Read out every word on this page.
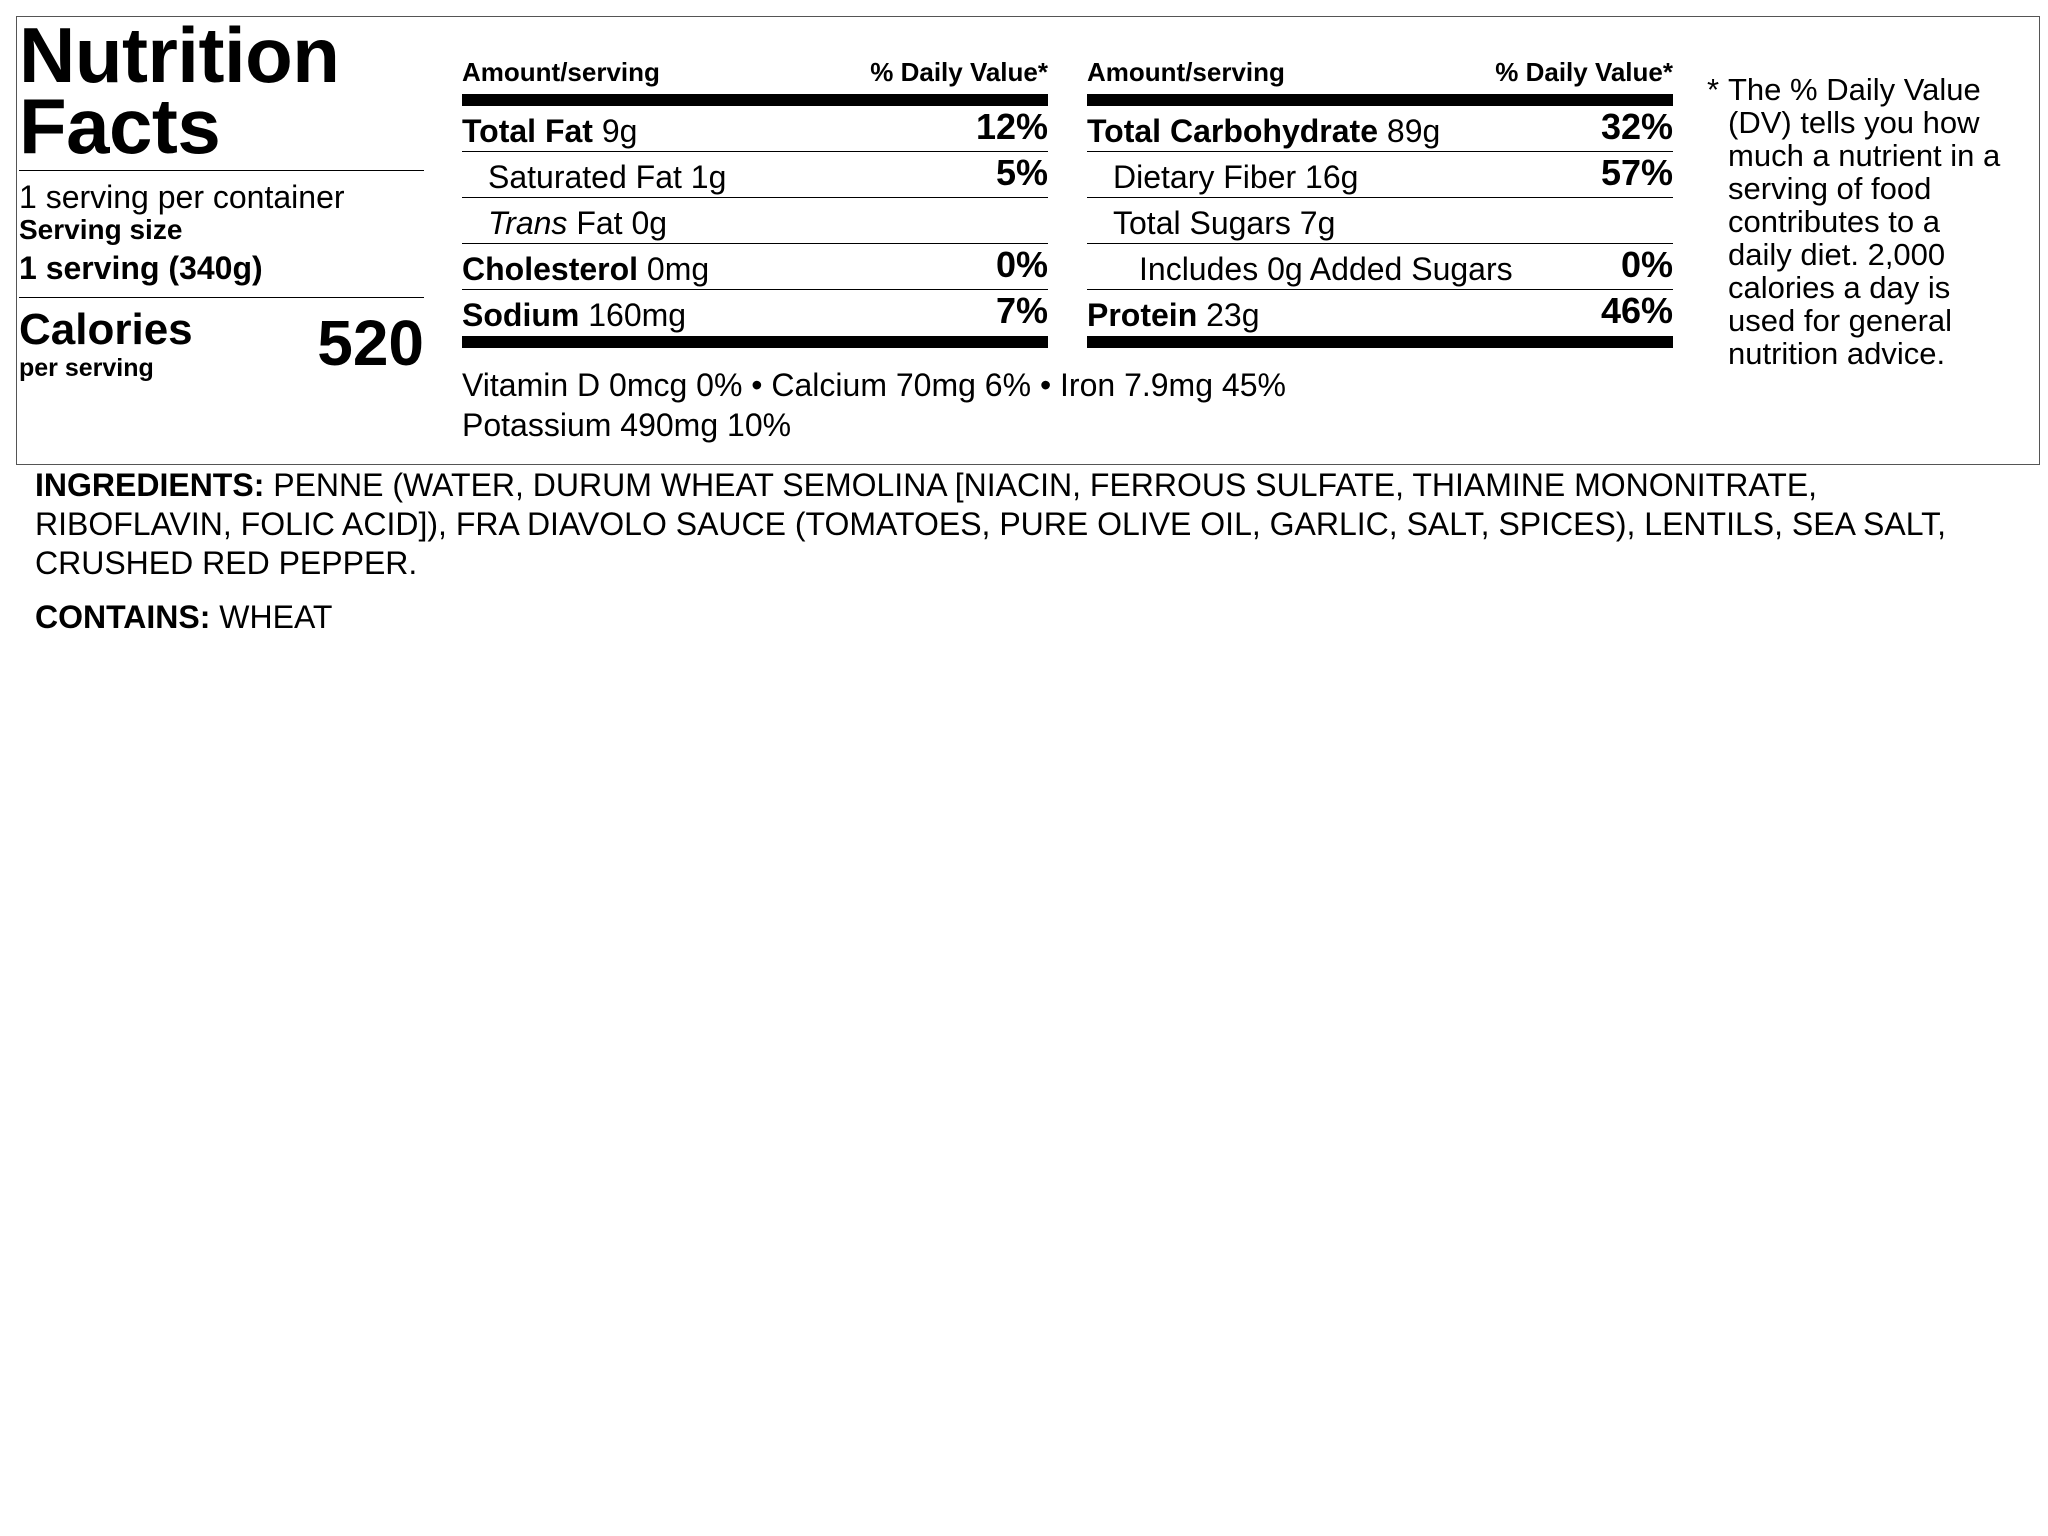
Nutrition
Facts
1 serving per container
Serving size
1 serving (340g)
Calories
per serving	520
Amount/serving	% Daily Value*
Total Fat 9g	12%
Saturated Fat 1g	5%
Trans Fat 0g
Cholesterol 0mg	0%
Sodium 160mg	7%
Amount/serving	% Daily Value*
Total Carbohydrate 89g	32%
Dietary Fiber 16g	57%
Total Sugars 7g
Includes 0g Added Sugars	0%
Protein 23g	46%
Vitamin D 0mcg 0% • Calcium 70mg 6% • Iron 7.9mg 45%
Potassium 490mg 10%
* The % Daily Value (DV) tells you how much a nutrient in a serving of food contributes to a daily diet. 2,000 calories a day is used for general nutrition advice.
INGREDIENTS: PENNE (WATER, DURUM WHEAT SEMOLINA [NIACIN, FERROUS SULFATE, THIAMINE MONONITRATE, RIBOFLAVIN, FOLIC ACID]), FRA DIAVOLO SAUCE (TOMATOES, PURE OLIVE OIL, GARLIC, SALT, SPICES), LENTILS, SEA SALT, CRUSHED RED PEPPER.
CONTAINS: WHEAT
